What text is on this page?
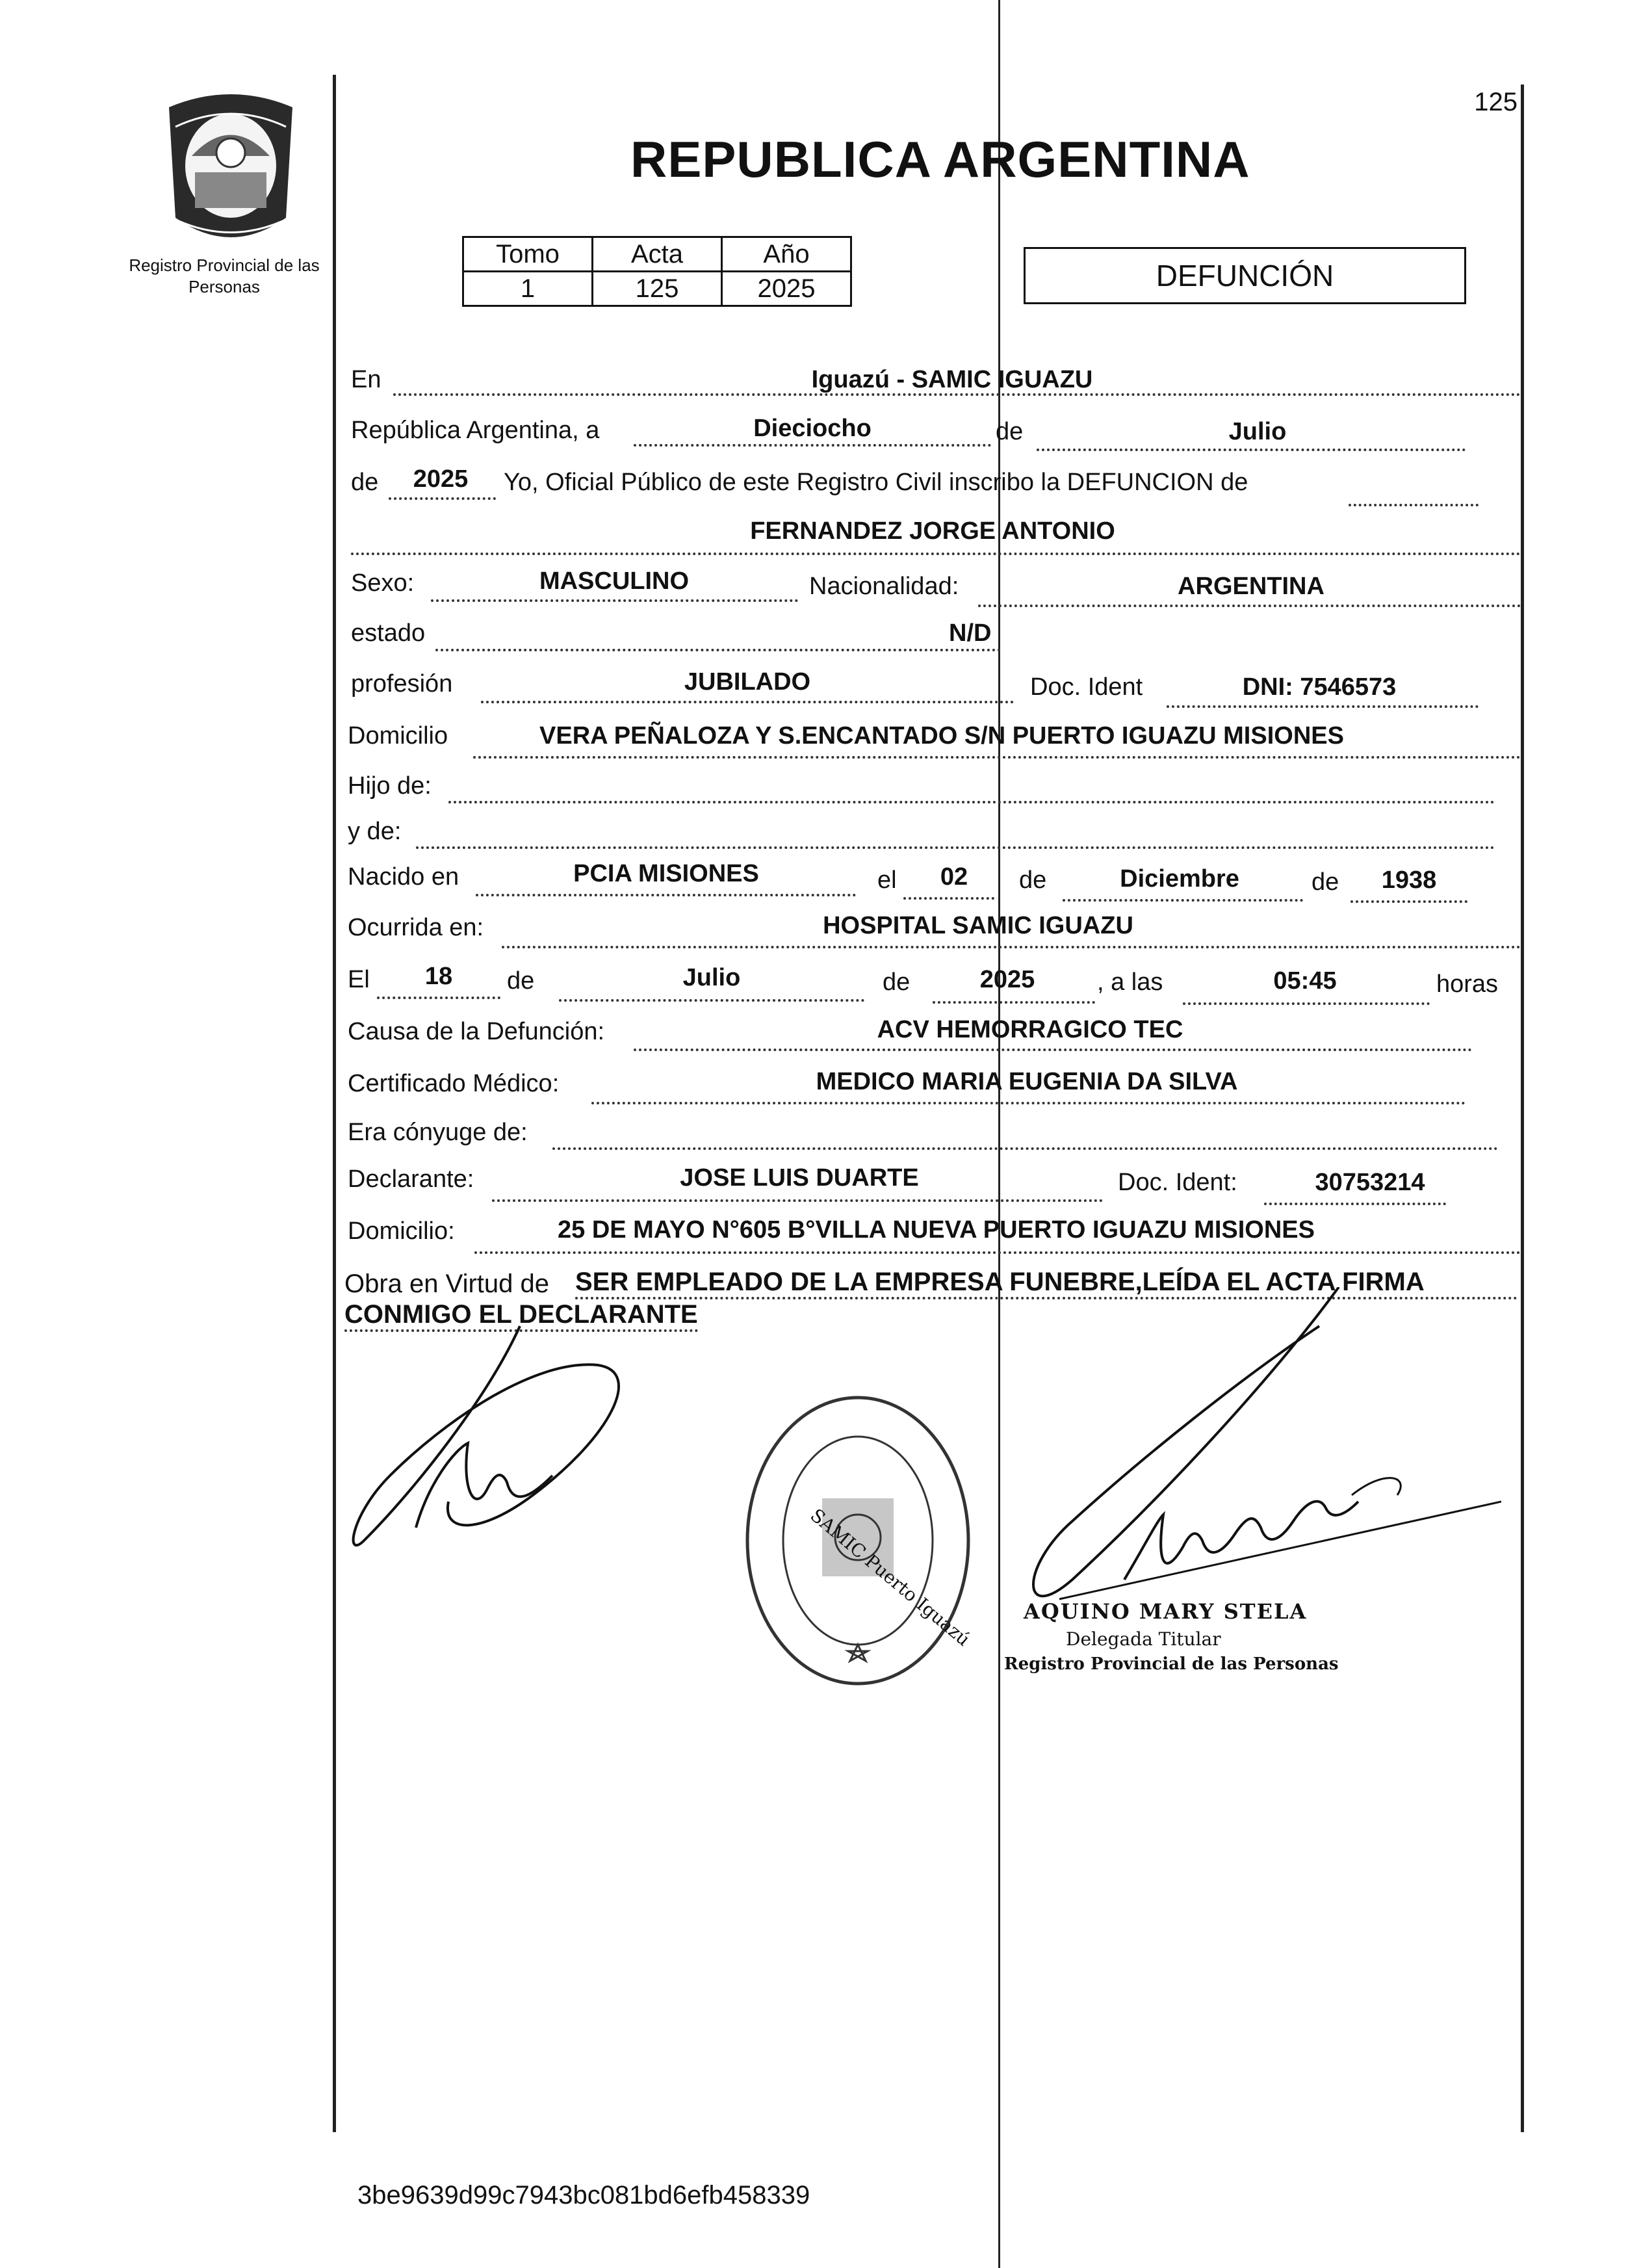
Registro Provincial de las Personas
REPUBLICA ARGENTINA
125
Tomo	Acta	Año
1	125	2025	DEFUNCIÓN
En	Iguazú - SAMIC IGUAZU
República Argentina, a	Dieciocho	de	Julio
de 2025 Yo, Oficial Público de este Registro Civil inscribo la DEFUNCION de
FERNANDEZ JORGE ANTONIO
Sexo:	MASCULINO	Nacionalidad:	ARGENTINA
estado	N/D
profesión	JUBILADO	Doc. Ident	DNI: 7546573
Domicilio	VERA PEÑALOZA Y S.ENCANTADO S/N PUERTO IGUAZU MISIONES
Hijo de:
y de:
Nacido en	PCIA MISIONES	el 02 de	Diciembre	de 1938
Ocurrida en:	HOSPITAL SAMIC IGUAZU
El 18 de	Julio	de	2025	, a las	05:45	horas
Causa de la Defunción:	ACV HEMORRAGICO TEC
Certificado Médico:	MEDICO MARIA EUGENIA DA SILVA
Era cónyuge de:
Declarante:	JOSE LUIS DUARTE	Doc. Ident:	30753214
Domicilio:	25 DE MAYO N°605 B°VILLA NUEVA PUERTO IGUAZU MISIONES
Obra en Virtud de SER EMPLEADO DE LA EMPRESA FUNEBRE,LEÍDA EL ACTA FIRMA
CONMIGO EL DECLARANTE
SAMIC Puerto Iguazú AQUINO MARY STELA
Delegada Titular
Registro Provincial de las Personas
3be9639d99c7943bc081bd6efb458339
